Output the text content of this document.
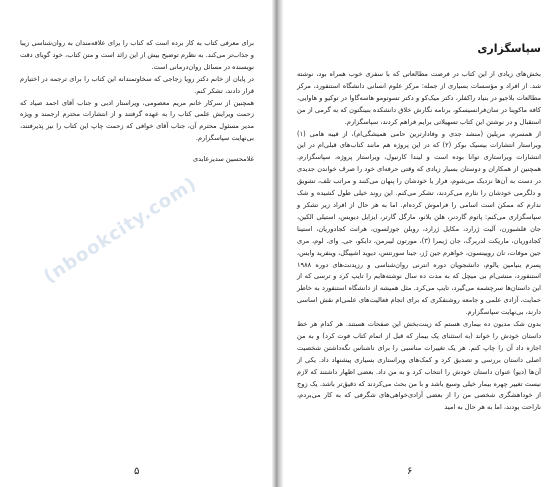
برای معرفی کتاب به کار برده است که کتاب را برای علاقه‌مندان به روان‌شناسی زیبا و جذاب‌تر می‌کند. به نظرم توضیح بیش از این زائد است و متن کتاب، خود گویای دقت نویسنده در مسائل روان‌درمانی است.

در پایان از خانم دکتر رویا زجاجی که سخاوتمندانه این کتاب را برای ترجمه در اختیارم قرار دادند، تشکر کنم.

همچنین از سرکار خانم مریم معصومی، ویراستار ادبی و جناب آقای احمد صیاد که زحمت ویرایش علمی کتاب را به عهده گرفتند و از انتشارات محترم ارجمند و ویژه مدیر مسئول محترم آن، جناب آقای خوافی که زحمت چاپ این کتاب را نیز پذیرفتند، بی‌نهایت سپاسگزارم.

غلامحسین سدیرعابدی

۵
سپاسگزاری

بخش‌های زیادی از این کتاب در فرصت مطالعاتی که با سفری خوب همراه بود، نوشته شد. از افراد و مؤسسات بسیاری از جمله: مرکز علوم انسانی دانشگاه استنفورد، مرکز مطالعات بلاجیو در بنیاد راکفلر، دکتر میک‌کو و دکتر تسوتومو هاسه‌گاوا در توکیو و هاوایی، کافه ماکوینا در سان‌فرانسیسکو، برنامه نگارش خلاق دانشکده بنینگتون که به گرمی از من استقبال و در نوشتن این کتاب تسهیلاتی برایم فراهم کردند، سپاسگزارم.

از همسرم، مریلین (منشد جدی و وفادارترین حامی همیشگی‌ام)، از فیبه هامی (۱) ویراستار انتشارات بیسیک بوکز (۲) که در این پروژه هم مانند کتاب‌های قبلی‌ام در این انتشارات ویراستاری توانا بوده است و لیندا کارنیول، ویراستار پروژه، سپاسگزارم. همچنین از همکاران و دوستان بسیار زیادی که وقتی حرفه‌ای خود را صرف خواندن جدیدی در دست به آن‌ها نزدیک می‌شوم، فرار یا خودشان را پنهان می‌کنند و مراتب تلف، تشویق و دلگرمی خودشان را نثارم می‌کردند، تشکر می‌کنم. این روند خیلی طول کشیده و شک ندارم که ممکن است اسامی را فراموش کرده‌ام. اما به هر حال از افراد زیر تشکر و سپاسگزاری می‌کنم: پاتوم گاردنر، هلن بلانو، مارگل گارتر، ایزابل دیویس، استیلی الکین، جان فلشبورن، آلیت ژرارد، مکایل ژرارد، روبلن جوزلسون، هرانت کجادوریان، استینا کجادوریان، ماریکت لدربرگ، جان ژیمرا (۳)، مورتون لیبرمن، دایکو، جی. وای. لوم، مری جین موفات، نان رویینسون، خواهرم جین رُز، جینا سورنتس، دیوید اشپیگل، وینفرید وایس، پسرم بنیامین یالوم، دانشجویان دوره انترنی روان‌شناسی و رزیدنت‌های دوره ۱۹۸۸ استنفورد، منشی‌ام بی میچل که به مدت ده سال نوشته‌هایم را تایپ کرد و ترسی که از این داستان‌ها سرچشمه می‌گیرد، تایپ می‌کرد. مثل همیشه از دانشگاه استنفورد به خاطر حمایت، آزادی علمی و جامعه روشنفکری که برای انجام فعالیت‌های علمی‌ام نقش اساسی دارند، بی‌نهایت سپاسگزارم.

بدون شک مدیون ده بیماری هستم که زینت‌بخش این صفحات هستند. هر کدام هر خط داستان خودش را خواند (به استثنای یک بیمار که قبل از اتمام کتاب فوت کرد) و به من اجازه داد آن را چاپ کنم. هر یک تغییرات مناسبی را برای ناشناس نگه‌داشتن شخصیت اصلی داستان بررسی و تصدیق کرد و کمک‌های ویراستاری بسیاری پیشنهاد داد. یکی از آن‌ها (دیو) عنوان داستان خودش را انتخاب کرد و به من داد. بعضی اظهار داشتند که لازم نیست تغییر چهره بیمار خیلی وسیع باشد و با من بحث می‌کردند که دقیق‌تر باشد. یک زوج از خوداهشگری شخصی من را از بعضی آزادی‌خواهی‌های شگرفی که به کار می‌بردم، ناراحت بودند، اما به هر حال به امید

۶
(nbookcity.com)
